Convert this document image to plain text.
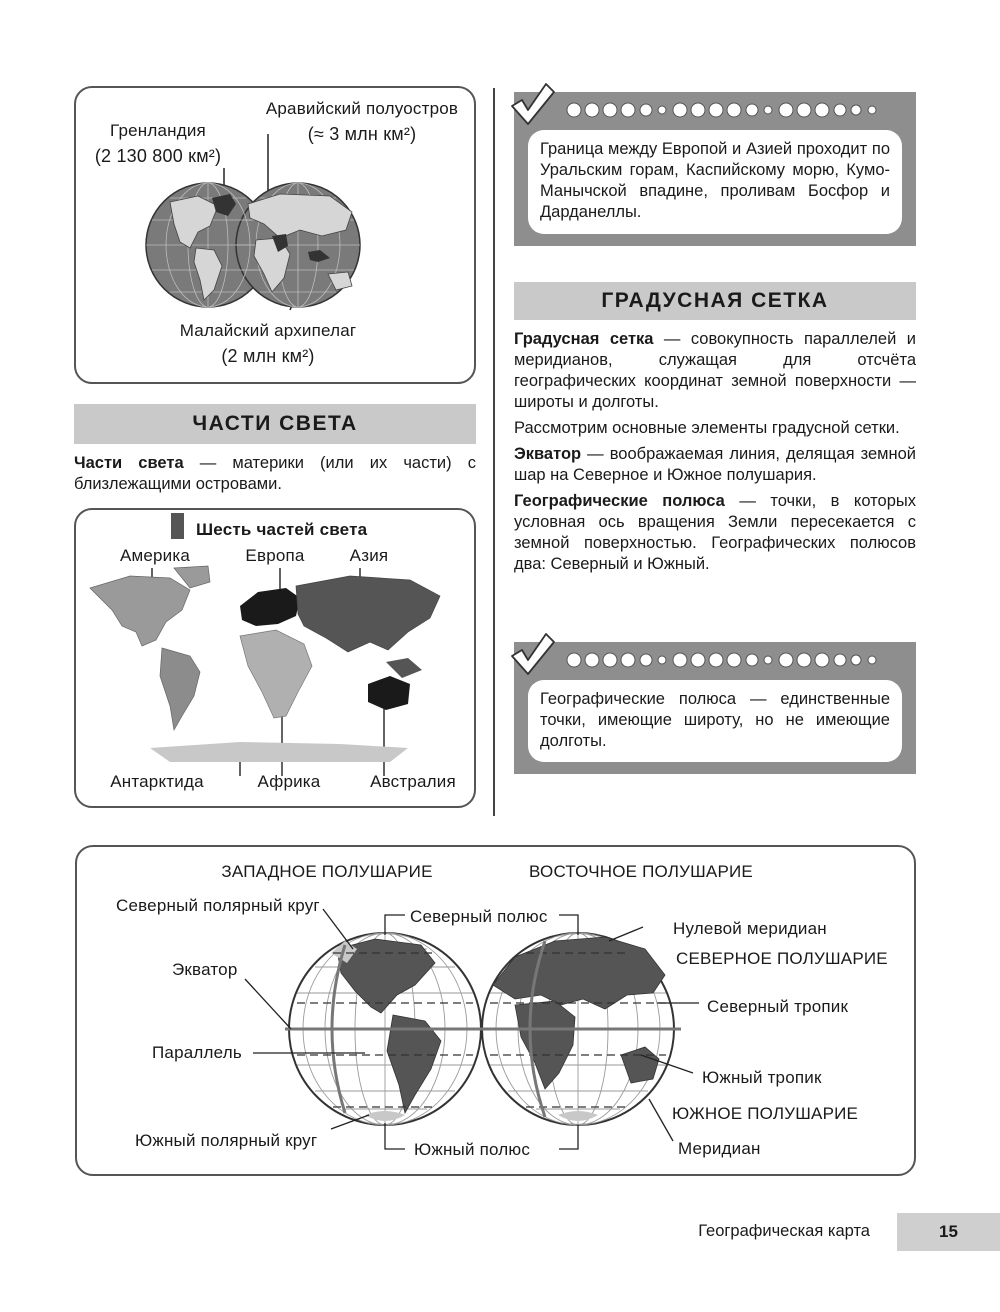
Гренландия
(2 130 800 км²)
Аравийский полуостров
(≈ 3 млн км²)
Малайский архипелаг
(2 млн км²)
ЧАСТИ СВЕТА

Части света — материки (или их части) с близлежащими островами.

Шесть частей света
Америка	Европа	Азия
Антарктида	Африка	Австралия
Граница между Европой и Азией проходит по Уральским горам, Каспийскому морю, Кумо-Манычской впадине, проливам Босфор и Дарданеллы.
ГРАДУСНАЯ СЕТКА

Градусная сетка — совокупность параллелей и меридианов, служащая для отсчёта географических координат земной поверхности — широты и долготы.

Рассмотрим основные элементы градусной сетки.

Экватор — воображаемая линия, делящая земной шар на Северное и Южное полушария.

Географические полюса — точки, в которых условная ось вращения Земли пересекается с земной поверхностью. Географических полюсов два: Северный и Южный.

Географические полюса — единственные точки, имеющие широту, но не имеющие долготы.
ЗАПАДНОЕ ПОЛУШАРИЕ	ВОСТОЧНОЕ ПОЛУШАРИЕ
Северный полярный круг
Северный полюс
Нулевой меридиан
СЕВЕРНОЕ ПОЛУШАРИЕ
Экватор
Северный тропик
Параллель
Южный тропик
ЮЖНОЕ ПОЛУШАРИЕ
Южный полярный круг	Южный полюс	Меридиан
Географическая карта	15
